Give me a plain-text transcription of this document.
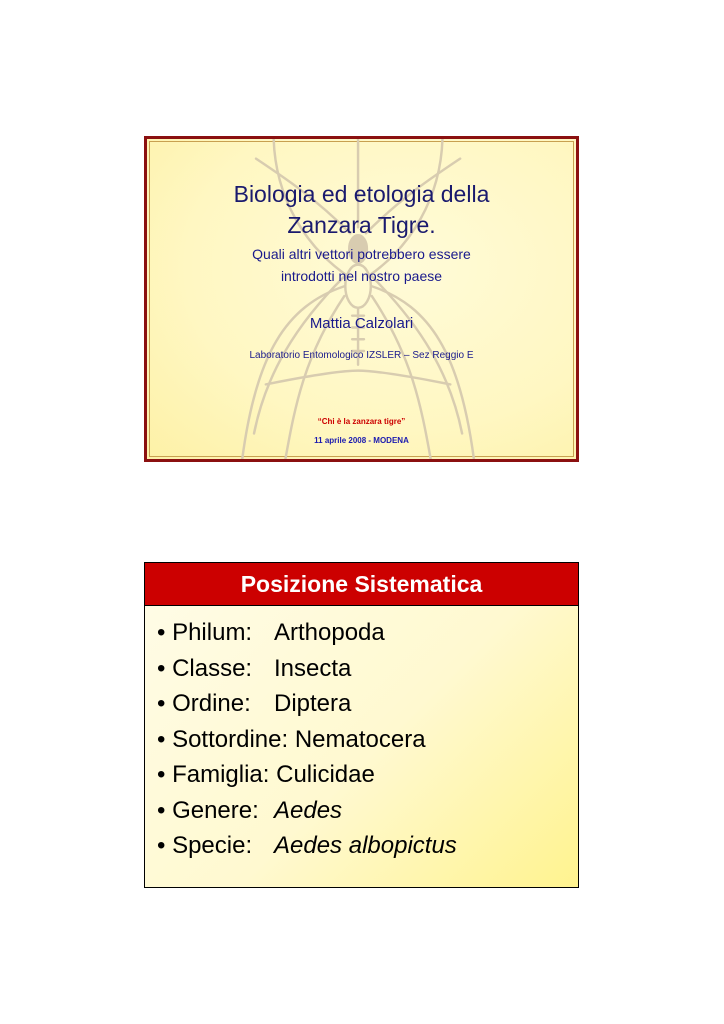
Biologia ed etologia della
Zanzara Tigre.
Quali altri vettori potrebbero essere
introdotti nel nostro paese
Mattia Calzolari
Laboratorio Entomologico IZSLER – Sez Reggio E
“Chi è la zanzara tigre”
11 aprile 2008 - MODENA
Posizione Sistematica
• Philum: Arthopoda
• Classe: Insecta
• Ordine: Diptera
• Sottordine: Nematocera
• Famiglia: Culicidae
• Genere: Aedes
• Specie: Aedes albopictus
